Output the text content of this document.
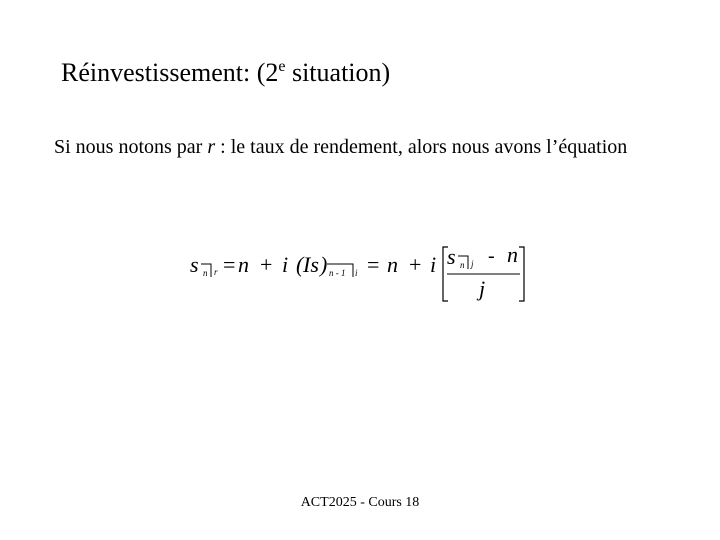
Réinvestissement: (2e situation)
Si nous notons par r : le taux de rendement, alors nous avons l’équation
s n r = n + i ( Is ) n - 1 i = n + i s n j - n
j
ACT2025 - Cours 18
